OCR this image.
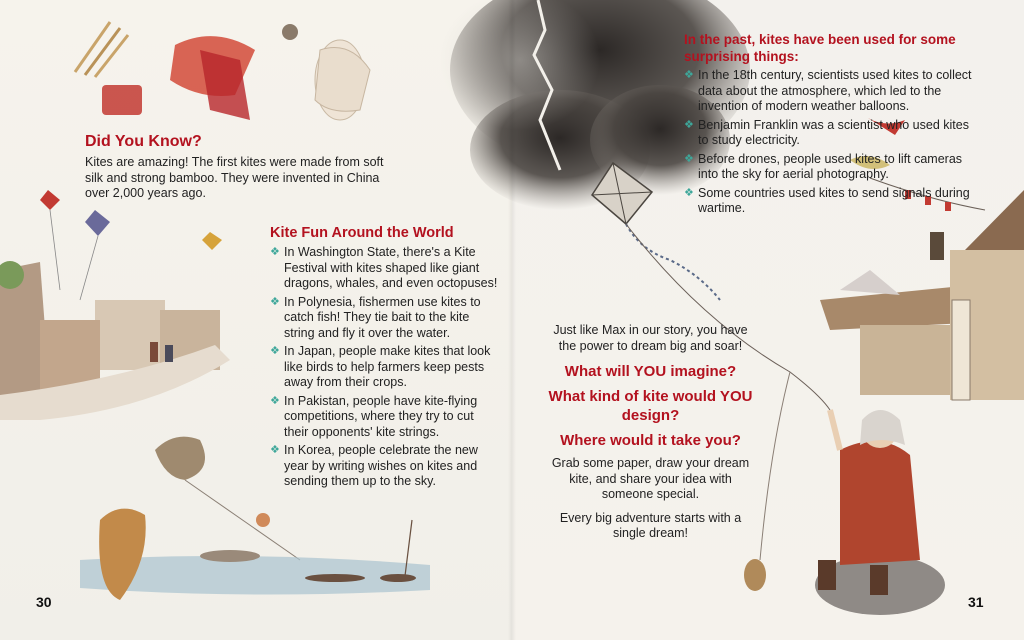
Did You Know?

Kites are amazing! The first kites were made from soft silk and strong bamboo. They were invented in China over 2,000 years ago.

Kite Fun Around the World
❖ In Washington State, there's a Kite Festival with kites shaped like giant dragons, whales, and even octopuses!
❖ In Polynesia, fishermen use kites to catch fish! They tie bait to the kite string and fly it over the water.
❖ In Japan, people make kites that look like birds to help farmers keep pests away from their crops.
❖ In Pakistan, people have kite-flying competitions, where they try to cut their opponents' kite strings.
❖ In Korea, people celebrate the new year by writing wishes on kites and sending them up to the sky.
30
In the past, kites have been used for some surprising things:
❖ In the 18th century, scientists used kites to collect data about the atmosphere, which led to the invention of modern weather balloons.
❖ Benjamin Franklin was a scientist who used kites to study electricity.
❖ Before drones, people used kites to lift cameras into the sky for aerial photography.
❖ Some countries used kites to send signals during wartime.

Just like Max in our story, you have the power to dream big and soar!

What will YOU imagine?

What kind of kite would YOU design?

Where would it take you?

Grab some paper, draw your dream kite, and share your idea with someone special.

Every big adventure starts with a single dream!

31
